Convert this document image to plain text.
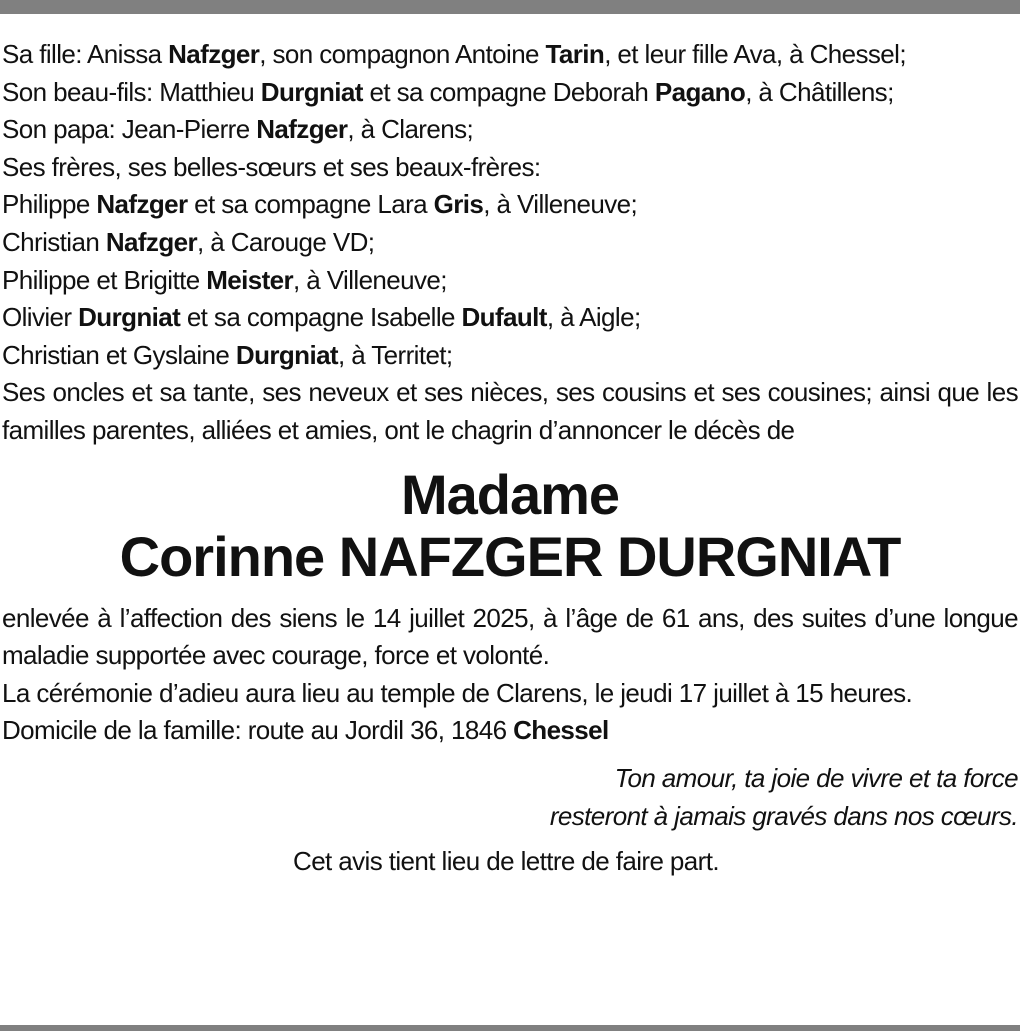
Sa fille: Anissa Nafzger, son compagnon Antoine Tarin, et leur fille Ava, à Chessel;

Son beau-fils: Matthieu Durgniat et sa compagne Deborah Pagano, à Châtillens;

Son papa: Jean-Pierre Nafzger, à Clarens;

Ses frères, ses belles-sœurs et ses beaux-frères:

Philippe Nafzger et sa compagne Lara Gris, à Villeneuve;

Christian Nafzger, à Carouge VD;

Philippe et Brigitte Meister, à Villeneuve;

Olivier Durgniat et sa compagne Isabelle Dufault, à Aigle;

Christian et Gyslaine Durgniat, à Territet;

Ses oncles et sa tante, ses neveux et ses nièces, ses cousins et ses cousines; ainsi que les familles parentes, alliées et amies, ont le chagrin d’annoncer le décès de

Madame
Corinne NAFZGER DURGNIAT

enlevée à l’affection des siens le 14 juillet 2025, à l’âge de 61 ans, des suites d’une longue maladie supportée avec courage, force et volonté.

La cérémonie d’adieu aura lieu au temple de Clarens, le jeudi 17 juillet à 15 heures.

Domicile de la famille: route au Jordil 36, 1846 Chessel

Ton amour, ta joie de vivre et ta force
resteront à jamais gravés dans nos cœurs.
Cet avis tient lieu de lettre de faire part.
